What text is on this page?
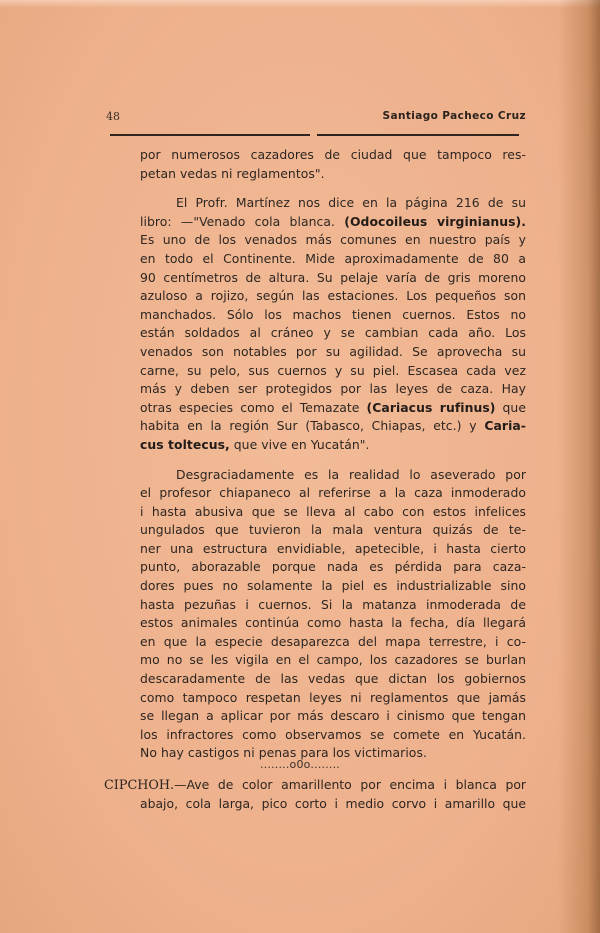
48	Santiago Pacheco Cruz
por numerosos cazadores de ciudad que tampoco res-
petan vedas ni reglamentos".
El Profr. Martínez nos dice en la página 216 de su
libro: —"Venado cola blanca. (Odocoileus virginianus).
Es uno de los venados más comunes en nuestro país y
en todo el Continente. Mide aproximadamente de 80 a
90 centímetros de altura. Su pelaje varía de gris moreno
azuloso a rojizo, según las estaciones. Los pequeños son
manchados. Sólo los machos tienen cuernos. Estos no
están soldados al cráneo y se cambian cada año. Los
venados son notables por su agilidad. Se aprovecha su
carne, su pelo, sus cuernos y su piel. Escasea cada vez
más y deben ser protegidos por las leyes de caza. Hay
otras especies como el Temazate (Cariacus rufinus) que
habita en la región Sur (Tabasco, Chiapas, etc.) y Caria-
cus toltecus, que vive en Yucatán".
Desgraciadamente es la realidad lo aseverado por
el profesor chiapaneco al referirse a la caza inmoderado
i hasta abusiva que se lleva al cabo con estos infelices
ungulados que tuvieron la mala ventura quizás de te-
ner una estructura envidiable, apetecible, i hasta cierto
punto, aborazable porque nada es pérdida para caza-
dores pues no solamente la piel es industrializable sino
hasta pezuñas i cuernos. Si la matanza inmoderada de
estos animales continúa como hasta la fecha, día llegará
en que la especie desaparezca del mapa terrestre, i co-
mo no se les vigila en el campo, los cazadores se burlan
descaradamente de las vedas que dictan los gobiernos
como tampoco respetan leyes ni reglamentos que jamás
se llegan a aplicar por más descaro i cinismo que tengan
los infractores como observamos se comete en Yucatán.
No hay castigos ni penas para los victimarios.
........o0o........
CIPCHOH.—Ave de color amarillento por encima i blanca por
abajo, cola larga, pico corto i medio corvo i amarillo que
